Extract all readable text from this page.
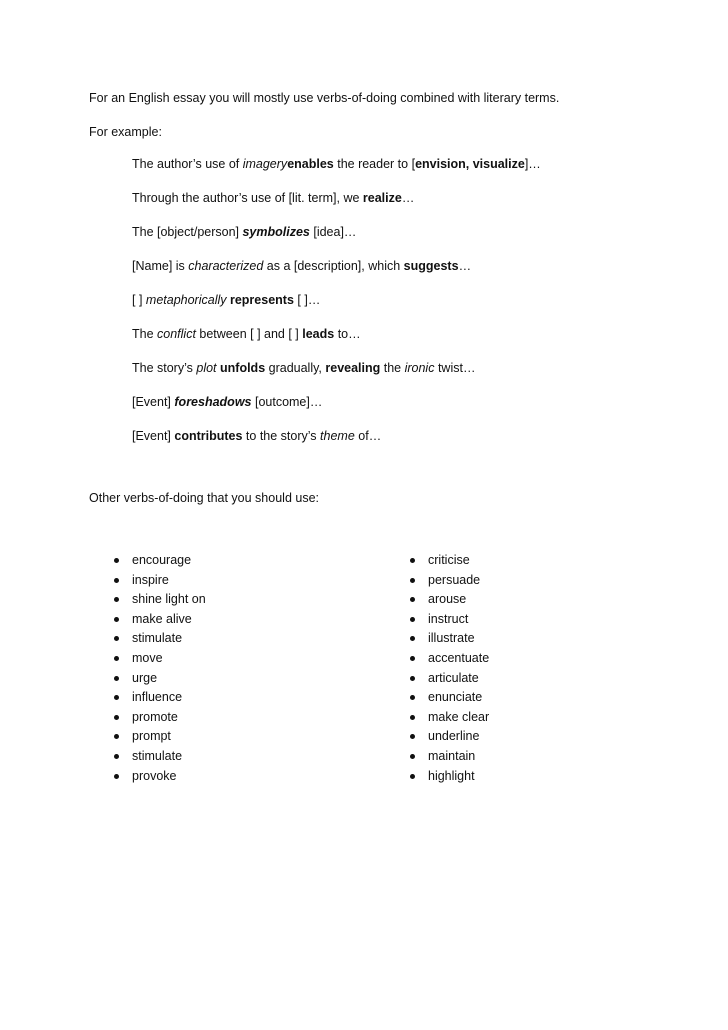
For an English essay you will mostly use verbs-of-doing combined with literary terms.
For example:
The author’s use of imageryenables the reader to [envision, visualize]…
Through the author’s use of [lit. term], we realize…
The [object/person] symbolizes [idea]…
[Name] is characterized as a [description], which suggests…
[ ] metaphorically represents [ ]…
The conflict between [ ] and [ ] leads to…
The story’s plot unfolds gradually, revealing the ironic twist…
[Event] foreshadows [outcome]…
[Event] contributes to the story’s theme of…
Other verbs-of-doing that you should use:
encourage
inspire
shine light on
make alive
stimulate
move
urge
influence
promote
prompt
stimulate
provoke
criticise
persuade
arouse
instruct
illustrate
accentuate
articulate
enunciate
make clear
underline
maintain
highlight
